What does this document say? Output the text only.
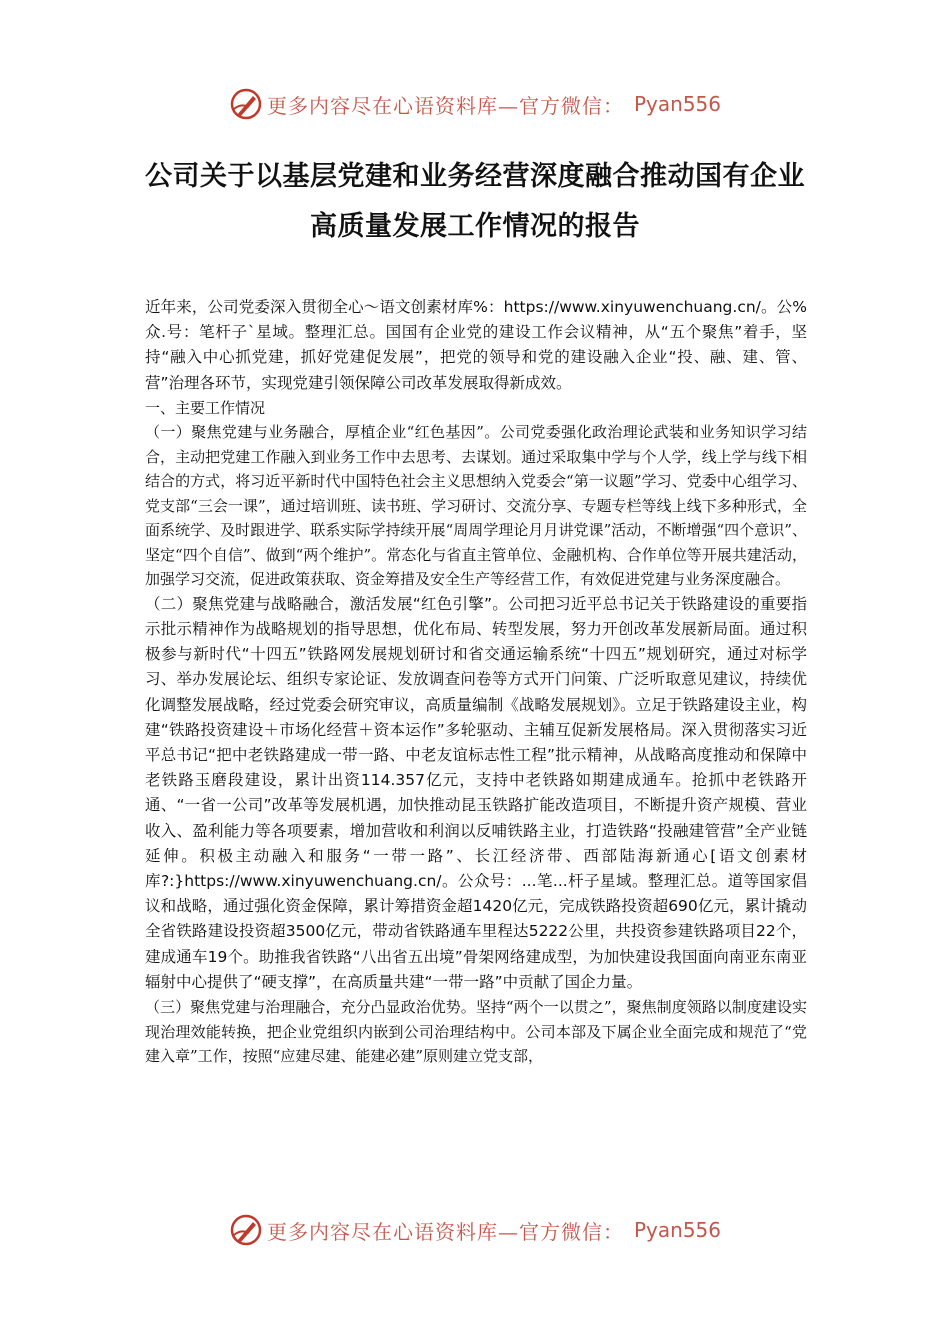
更多内容尽在心语资料库—官方微信： Pyan556
公司关于以基层党建和业务经营深度融合推动国有企业高质量发展工作情况的报告

近年来，公司党委深入贯彻全心～语文创素材库%：https://www.xinyuwenchuang.cn/。公%众.号：笔杆子`星域。整理汇总。国国有企业党的建设工作会议精神，从“五个聚焦”着手，坚持“融入中心抓党建，抓好党建促发展”，把党的领导和党的建设融入企业“投、融、建、管、营”治理各环节，实现党建引领保障公司改革发展取得新成效。

一、主要工作情况

（一）聚焦党建与业务融合，厚植企业“红色基因”。公司党委强化政治理论武装和业务知识学习结合，主动把党建工作融入到业务工作中去思考、去谋划。通过采取集中学与个人学，线上学与线下相结合的方式，将习近平新时代中国特色社会主义思想纳入党委会“第一议题”学习、党委中心组学习、党支部“三会一课”，通过培训班、读书班、学习研讨、交流分享、专题专栏等线上线下多种形式，全面系统学、及时跟进学、联系实际学持续开展“周周学理论月月讲党课”活动，不断增强“四个意识”、坚定“四个自信”、做到“两个维护”。常态化与省直主管单位、金融机构、合作单位等开展共建活动，加强学习交流，促进政策获取、资金筹措及安全生产等经营工作，有效促进党建与业务深度融合。

（二）聚焦党建与战略融合，激活发展“红色引擎”。公司把习近平总书记关于铁路建设的重要指示批示精神作为战略规划的指导思想，优化布局、转型发展，努力开创改革发展新局面。通过积极参与新时代“十四五”铁路网发展规划研讨和省交通运输系统“十四五”规划研究，通过对标学习、举办发展论坛、组织专家论证、发放调查问卷等方式开门问策、广泛听取意见建议，持续优化调整发展战略，经过党委会研究审议，高质量编制《战略发展规划》。立足于铁路建设主业，构建“铁路投资建设＋市场化经营＋资本运作”多轮驱动、主辅互促新发展格局。深入贯彻落实习近平总书记“把中老铁路建成一带一路、中老友谊标志性工程”批示精神，从战略高度推动和保障中老铁路玉磨段建设，累计出资114.357亿元，支持中老铁路如期建成通车。抢抓中老铁路开通、“一省一公司”改革等发展机遇，加快推动昆玉铁路扩能改造项目，不断提升资产规模、营业收入、盈利能力等各项要素，增加营收和利润以反哺铁路主业，打造铁路“投融建管营”全产业链延伸。积极主动融入和服务“一带一路”、长江经济带、西部陆海新通心[语文创素材库?:}https://www.xinyuwenchuang.cn/。公众号：...笔...杆子星域。整理汇总。道等国家倡议和战略，通过强化资金保障，累计筹措资金超1420亿元，完成铁路投资超690亿元，累计撬动全省铁路建设投资超3500亿元，带动省铁路通车里程达5222公里，共投资参建铁路项目22个，建成通车19个。助推我省铁路“八出省五出境”骨架网络建成型，为加快建设我国面向南亚东南亚辐射中心提供了“硬支撑”，在高质量共建“一带一路”中贡献了国企力量。

（三）聚焦党建与治理融合，充分凸显政治优势。坚持“两个一以贯之”，聚焦制度领路以制度建设实现治理效能转换，把企业党组织内嵌到公司治理结构中。公司本部及下属企业全面完成和规范了“党建入章”工作，按照“应建尽建、能建必建”原则建立党支部，

更多内容尽在心语资料库—官方微信： Pyan556
